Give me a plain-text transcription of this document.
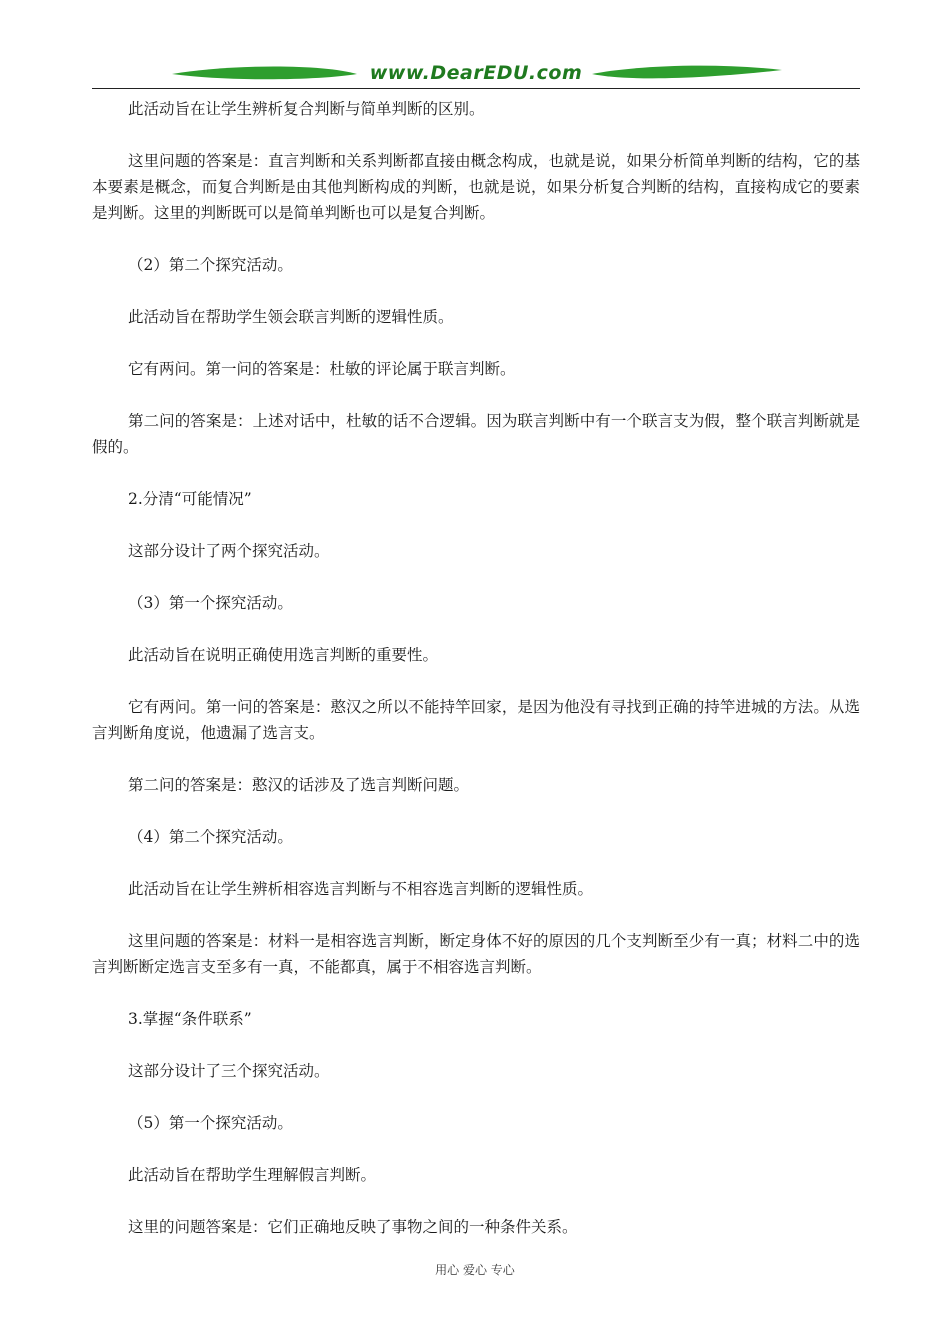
www.DearEDU.com

此活动旨在让学生辨析复合判断与简单判断的区别。

这里问题的答案是：直言判断和关系判断都直接由概念构成，也就是说，如果分析简单判断的结构，它的基本要素是概念，而复合判断是由其他判断构成的判断，也就是说，如果分析复合判断的结构，直接构成它的要素是判断。这里的判断既可以是简单判断也可以是复合判断。

（2）第二个探究活动。

此活动旨在帮助学生领会联言判断的逻辑性质。

它有两问。第一问的答案是：杜敏的评论属于联言判断。

第二问的答案是：上述对话中，杜敏的话不合逻辑。因为联言判断中有一个联言支为假，整个联言判断就是假的。

2.分清“可能情况”

这部分设计了两个探究活动。

（3）第一个探究活动。

此活动旨在说明正确使用选言判断的重要性。

它有两问。第一问的答案是：憨汉之所以不能持竿回家，是因为他没有寻找到正确的持竿进城的方法。从选言判断角度说，他遗漏了选言支。

第二问的答案是：憨汉的话涉及了选言判断问题。

（4）第二个探究活动。

此活动旨在让学生辨析相容选言判断与不相容选言判断的逻辑性质。

这里问题的答案是：材料一是相容选言判断，断定身体不好的原因的几个支判断至少有一真；材料二中的选言判断断定选言支至多有一真，不能都真，属于不相容选言判断。

3.掌握“条件联系”

这部分设计了三个探究活动。

（5）第一个探究活动。

此活动旨在帮助学生理解假言判断。

这里的问题答案是：它们正确地反映了事物之间的一种条件关系。

用心 爱心 专心
